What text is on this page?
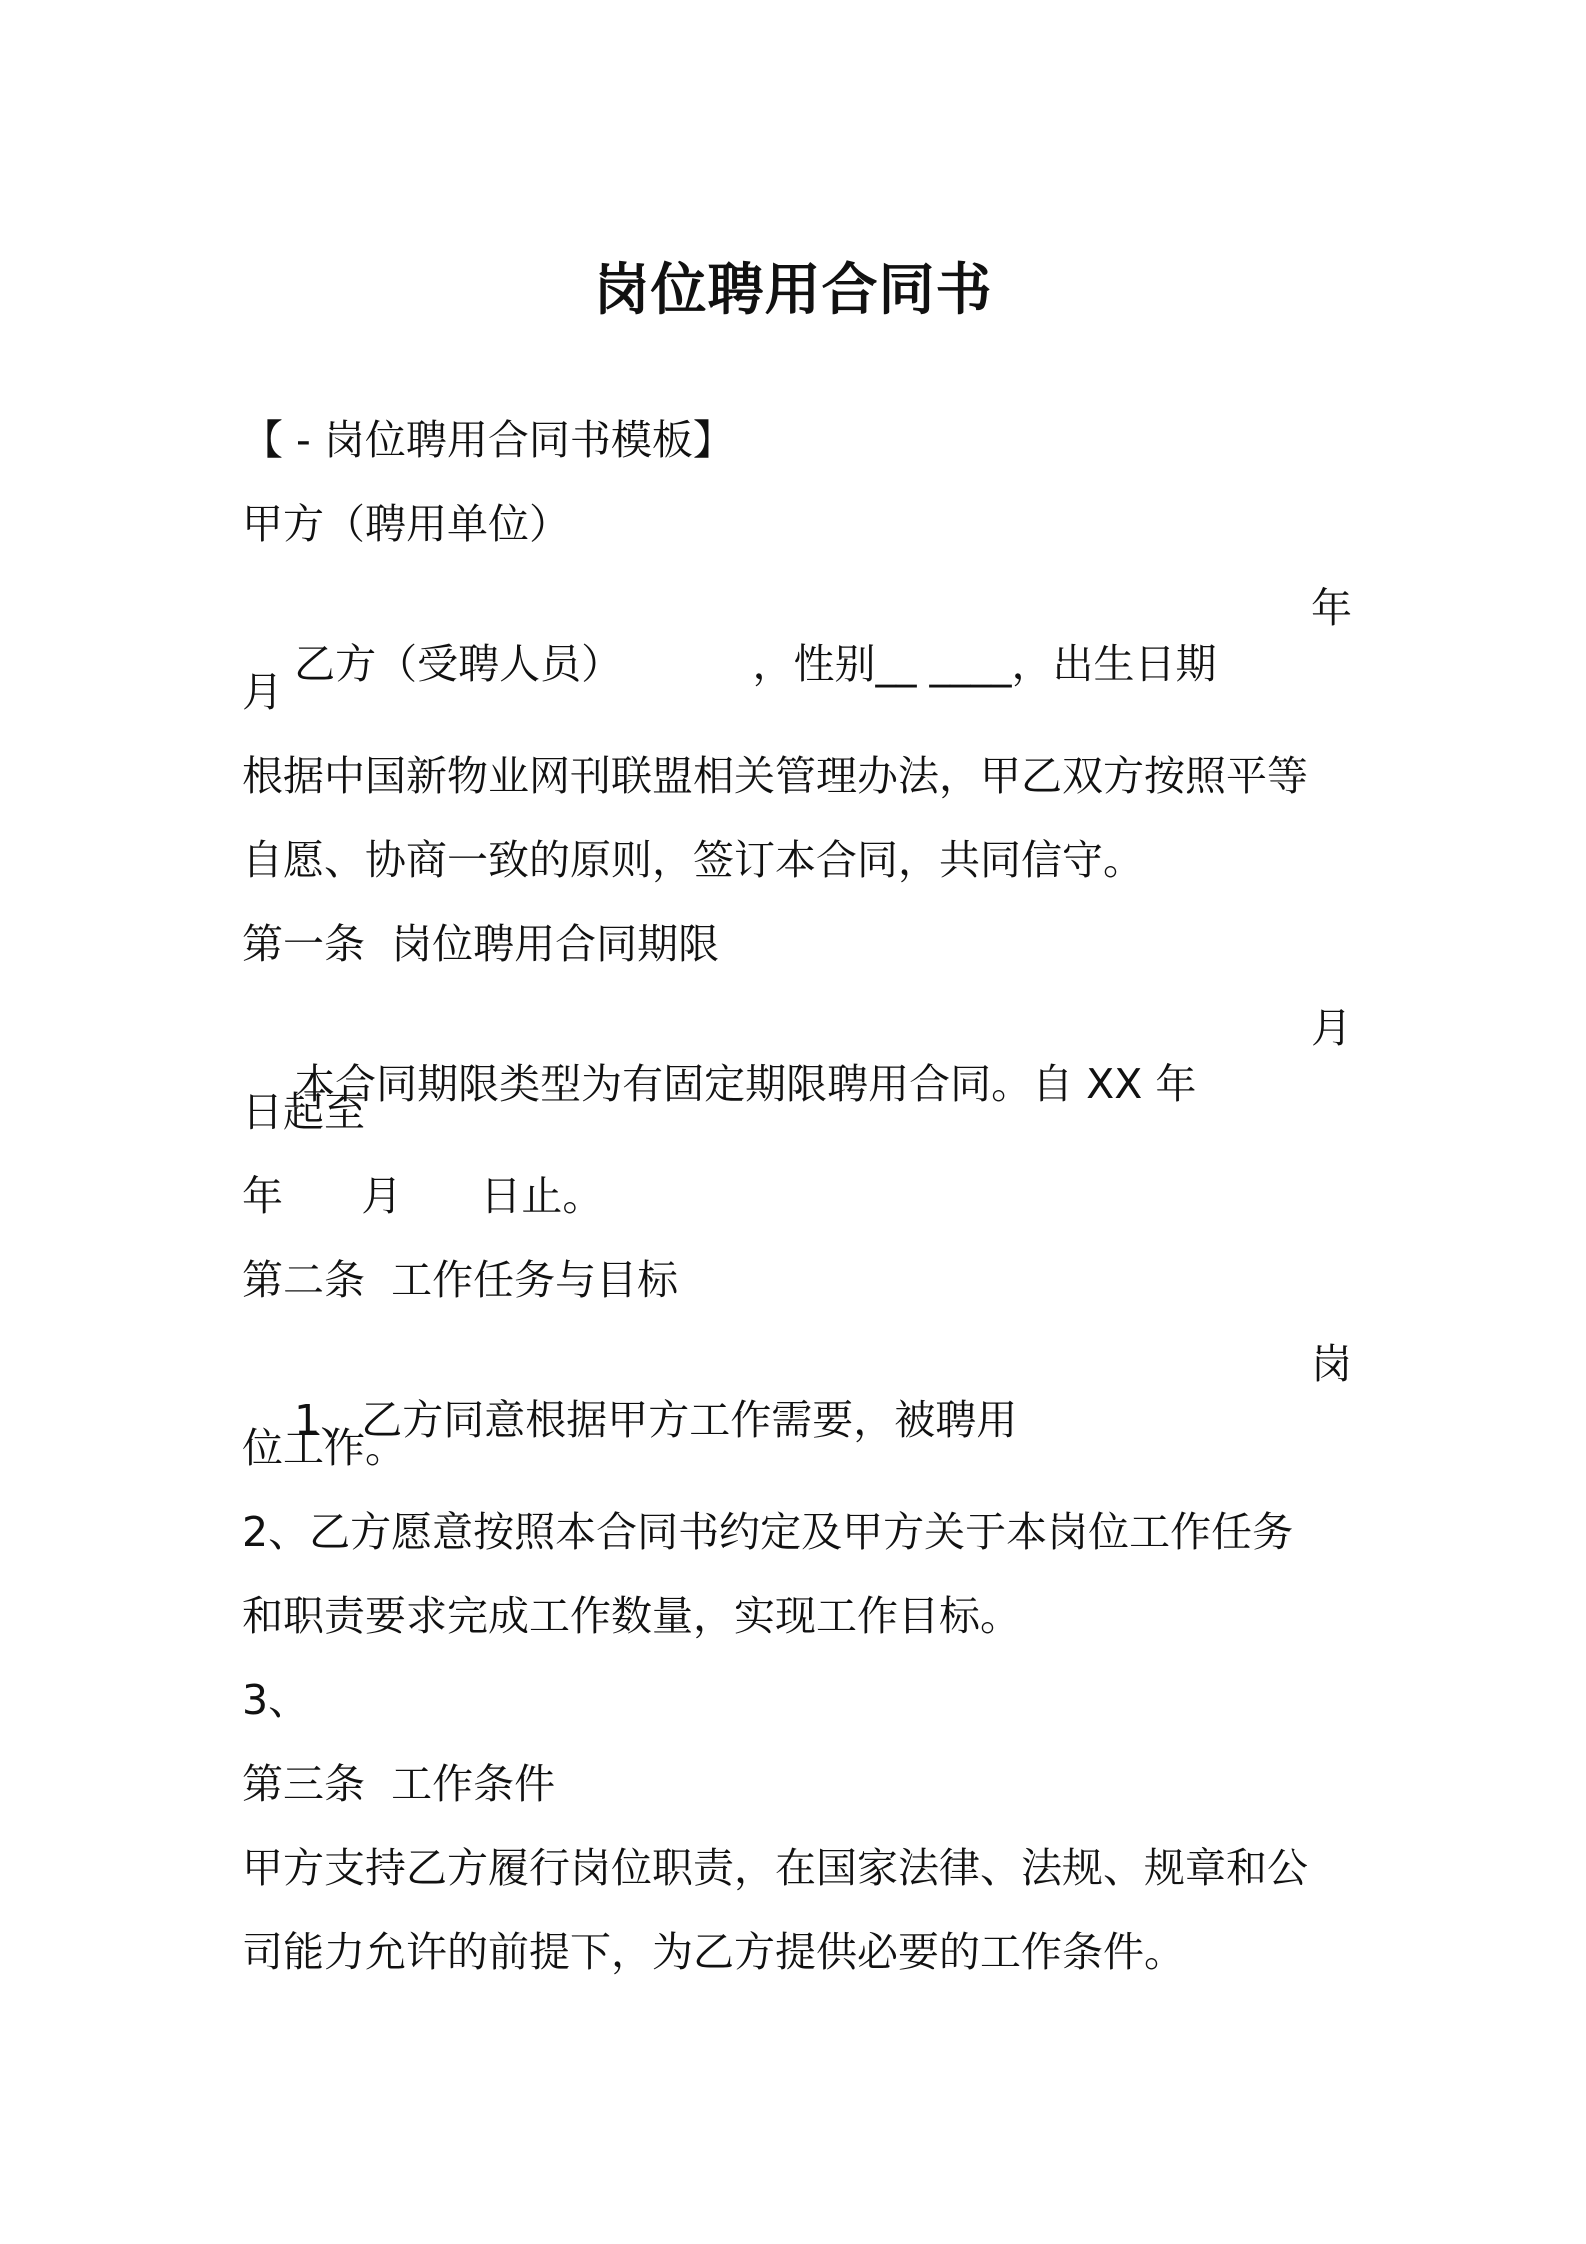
岗位聘用合同书
【 - 岗位聘用合同书模板】
甲方（聘用单位）

乙方（受聘人员）          ，性别__ ____，出生日期

年

月
根据中国新物业网刊联盟相关管理办法，甲乙双方按照平等
自愿、协商一致的原则，签订本合同，共同信守。
第一条  岗位聘用合同期限

本合同期限类型为有固定期限聘用合同。自 XX 年

月

日起至
年      月      日止。
第二条  工作任务与目标

1、乙方同意根据甲方工作需要，被聘用

岗

位工作。
2、乙方愿意按照本合同书约定及甲方关于本岗位工作任务
和职责要求完成工作数量，实现工作目标。
3、
第三条  工作条件
甲方支持乙方履行岗位职责，在国家法律、法规、规章和公
司能力允许的前提下，为乙方提供必要的工作条件。
